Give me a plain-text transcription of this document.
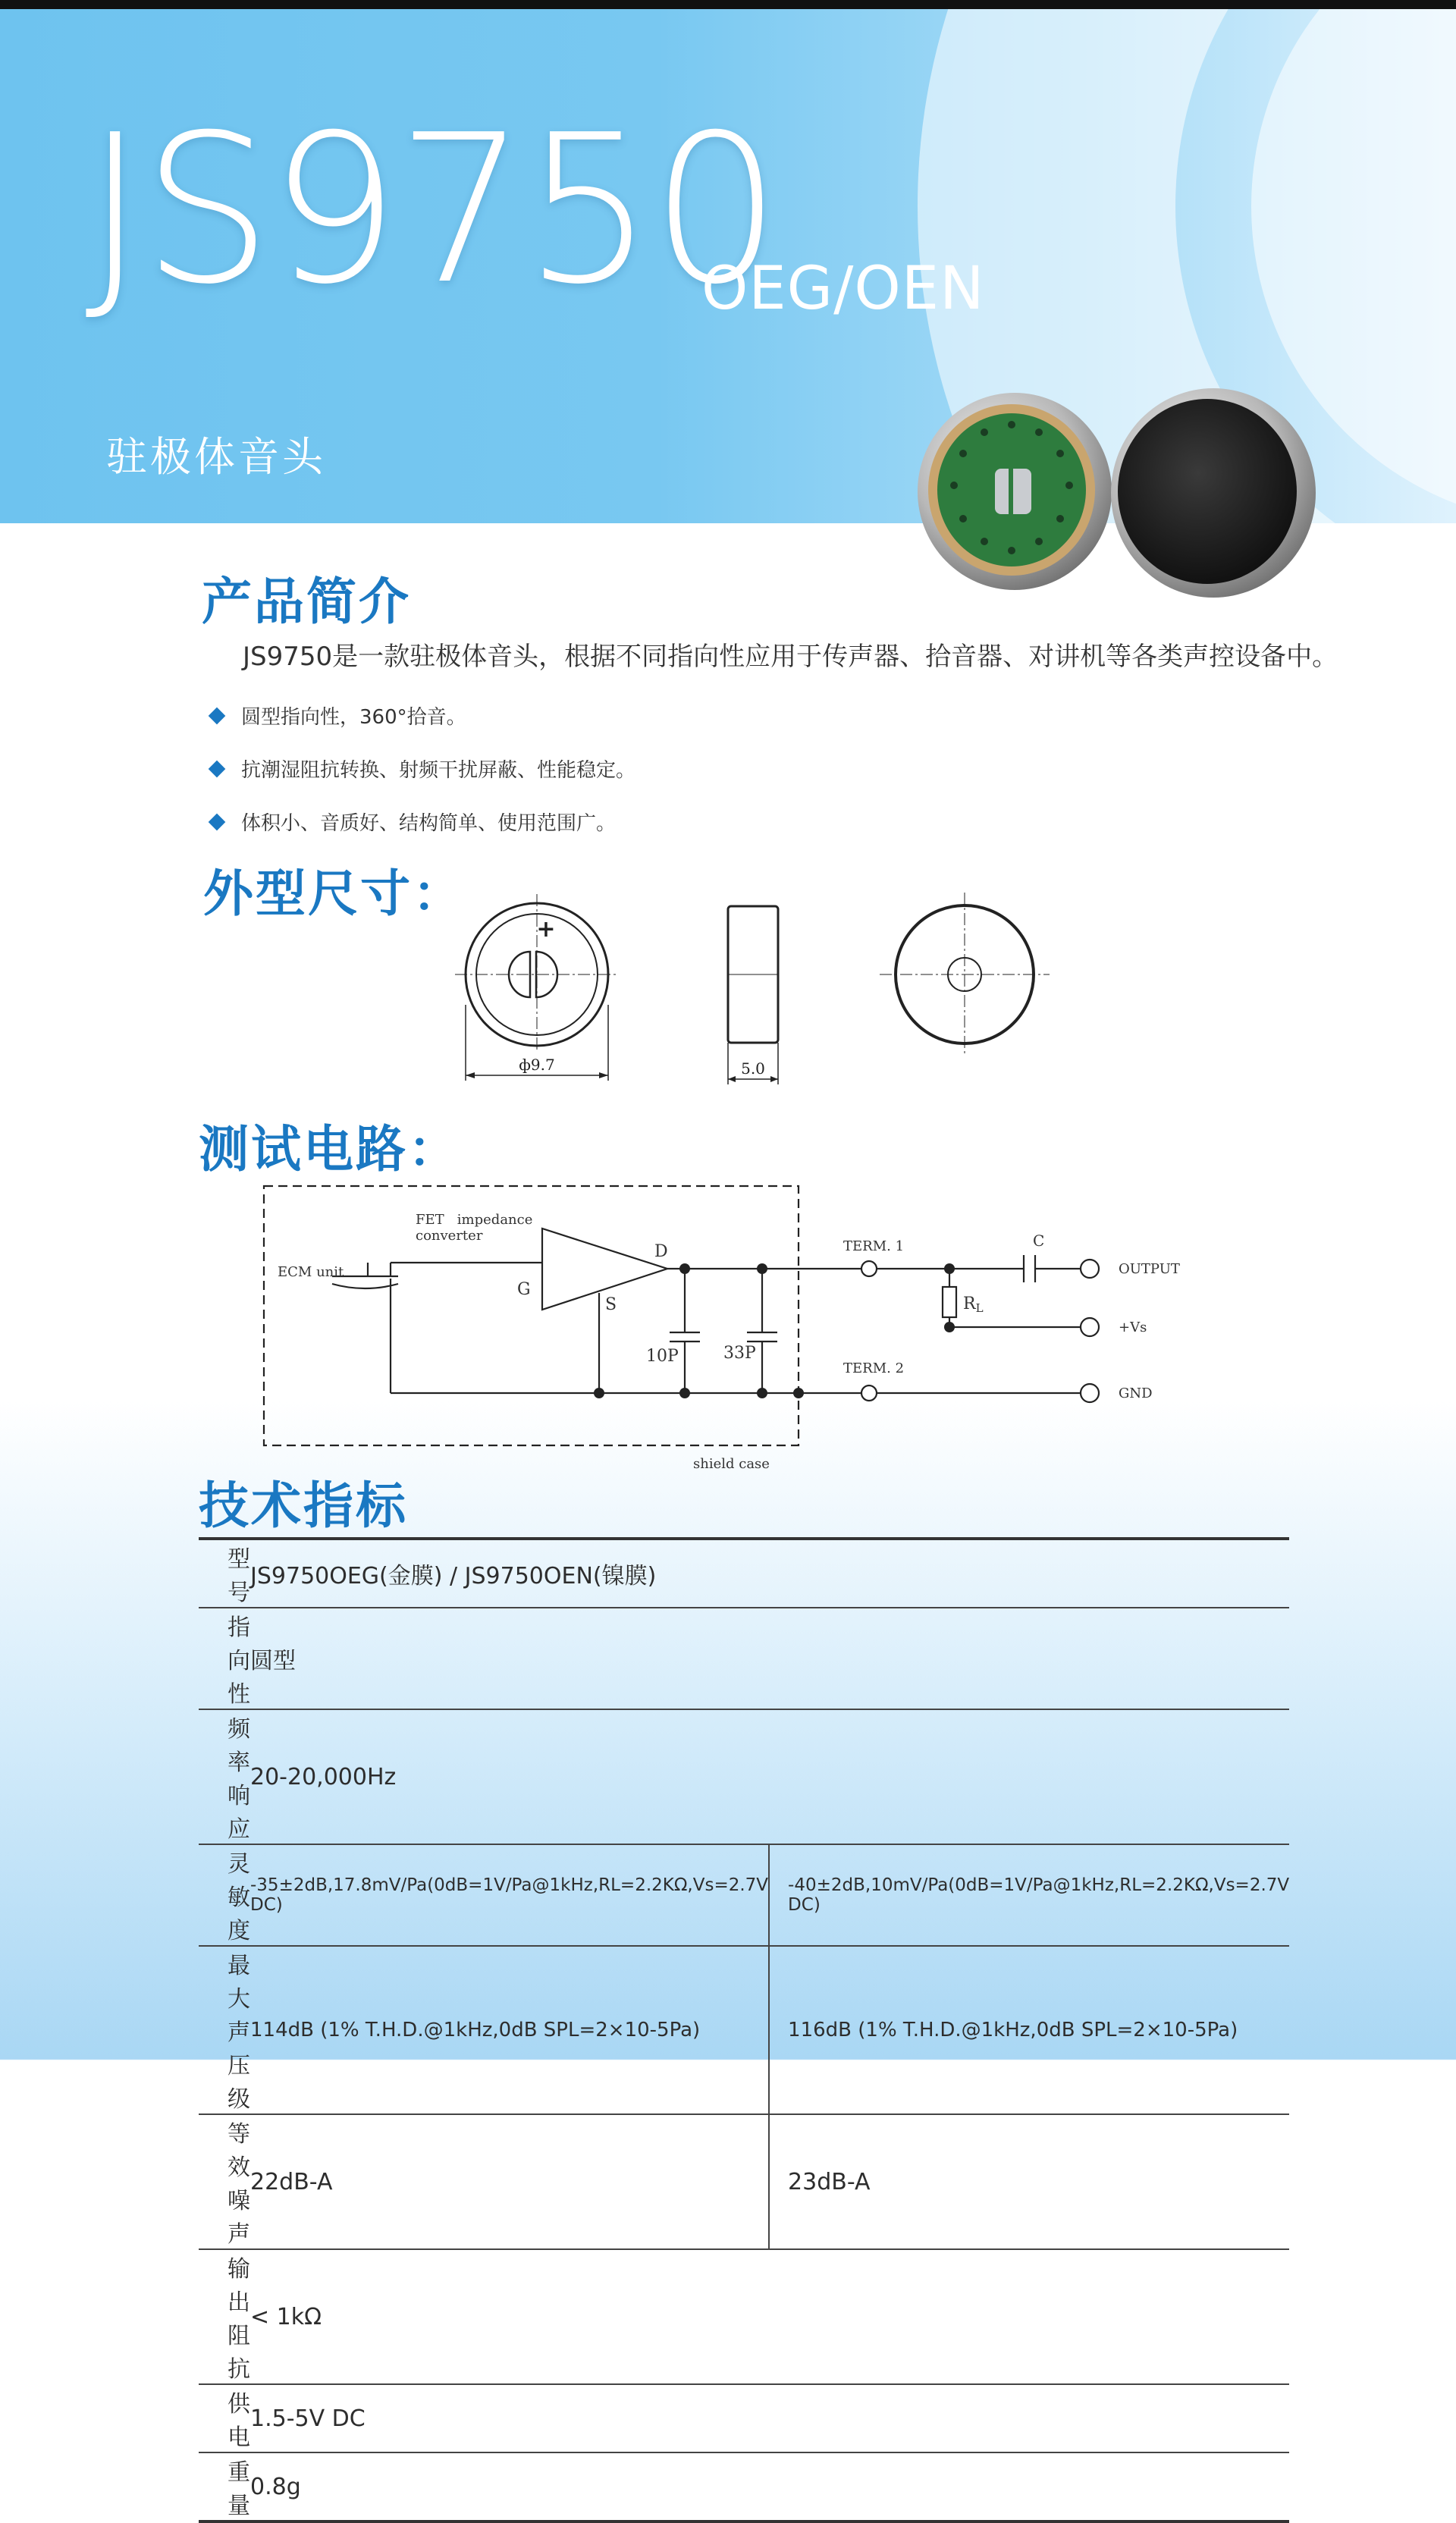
JS9750
OEG/OEN
驻极体音头
产品简介
JS9750是一款驻极体音头，根据不同指向性应用于传声器、拾音器、对讲机等各类声控设备中。
圆型指向性，360°拾音。
抗潮湿阻抗转换、射频干扰屏蔽、性能稳定。
体积小、音质好、结构简单、使用范围广。
外型尺寸：
+
ф9.7	5.0
测试电路：
ECM unit
FET   impedance
converter
G
D
S
10P	33P
TERM. 1
TERM. 2
C
RL
OUTPUT
+Vs
GND
shield case
技术指标
型号	JS9750OEG(金膜) / JS9750OEN(镍膜)	
指向性	圆型	
频率响应	20-20,000Hz	
灵敏度	-35±2dB,17.8mV/Pa(0dB=1V/Pa@1kHz,RL=2.2KΩ,Vs=2.7V DC)	-40±2dB,10mV/Pa(0dB=1V/Pa@1kHz,RL=2.2KΩ,Vs=2.7V DC)
最大声压级	114dB (1% T.H.D.@1kHz,0dB SPL=2×10-5Pa)	116dB (1% T.H.D.@1kHz,0dB SPL=2×10-5Pa)
等效噪声	22dB-A	23dB-A
输出阻抗	< 1kΩ	
供电	1.5-5V DC	
重量	0.8g	
